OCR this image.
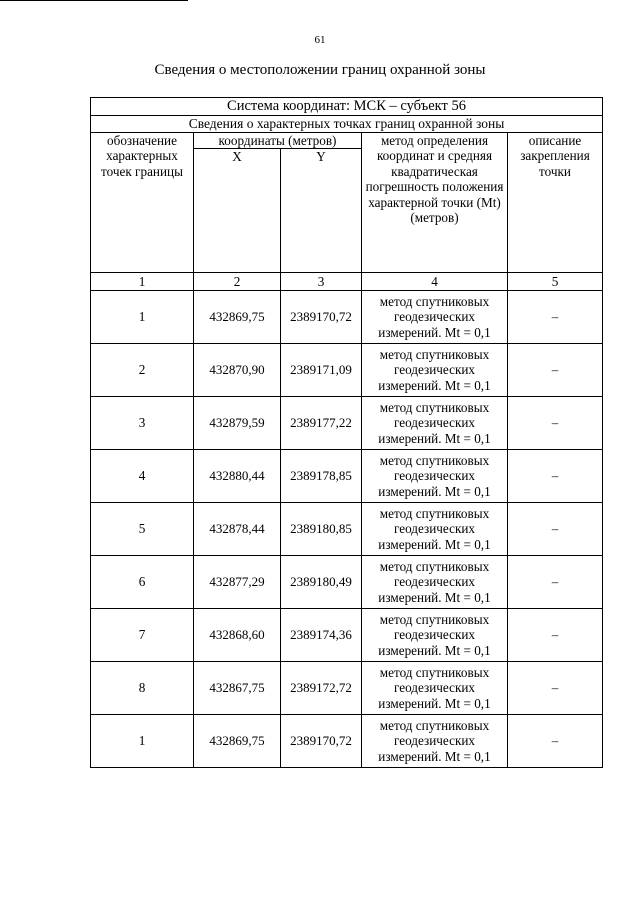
61
Сведения о местоположении границ охранной зоны
Система координат: МСК – субъект 56				
Сведения о характерных точках границ охранной зоны				
обозначение характерных точек границы	координаты (метров)		метод определения координат и средняя квадратическая погрешность положения характерной точки (Mt) (метров)	описание закрепления точки
	X	Y		
1	2	3	4	5
1	432869,75	2389170,72	метод спутниковых геодезических измерений. Mt = 0,1	–
2	432870,90	2389171,09	метод спутниковых геодезических измерений. Mt = 0,1	–
3	432879,59	2389177,22	метод спутниковых геодезических измерений. Mt = 0,1	–
4	432880,44	2389178,85	метод спутниковых геодезических измерений. Mt = 0,1	–
5	432878,44	2389180,85	метод спутниковых геодезических измерений. Mt = 0,1	–
6	432877,29	2389180,49	метод спутниковых геодезических измерений. Mt = 0,1	–
7	432868,60	2389174,36	метод спутниковых геодезических измерений. Mt = 0,1	–
8	432867,75	2389172,72	метод спутниковых геодезических измерений. Mt = 0,1	–
1	432869,75	2389170,72	метод спутниковых геодезических измерений. Mt = 0,1	–
